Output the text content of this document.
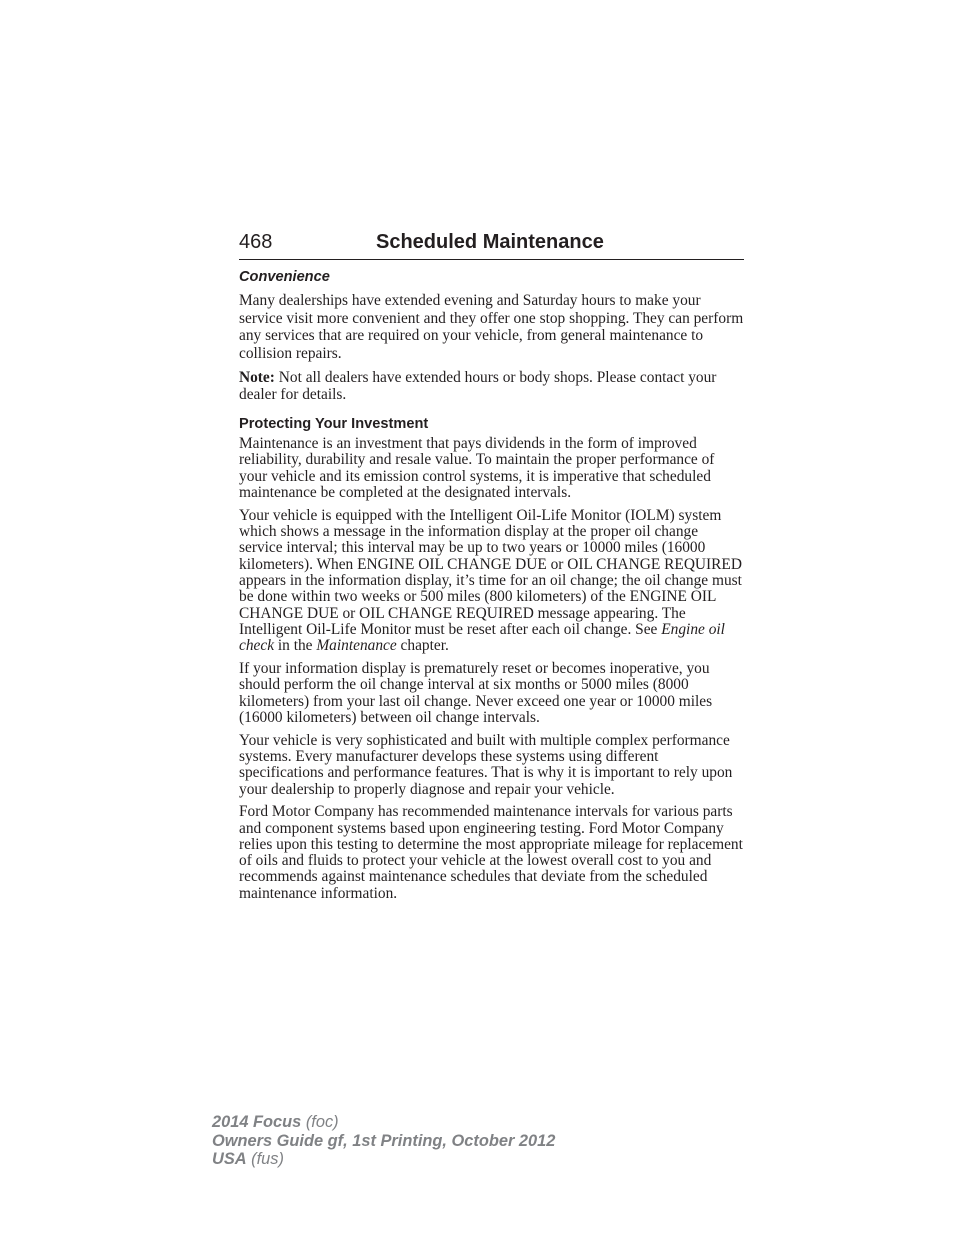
468	Scheduled Maintenance
Convenience

Many dealerships have extended evening and Saturday hours to make your service visit more convenient and they offer one stop shopping. They can perform any services that are required on your vehicle, from general maintenance to collision repairs.

Note: Not all dealers have extended hours or body shops. Please contact your dealer for details.

Protecting Your Investment

Maintenance is an investment that pays dividends in the form of improved reliability, durability and resale value. To maintain the proper performance of your vehicle and its emission control systems, it is imperative that scheduled maintenance be completed at the designated intervals.

Your vehicle is equipped with the Intelligent Oil-Life Monitor (IOLM) system which shows a message in the information display at the proper oil change service interval; this interval may be up to two years or 10000 miles (16000 kilometers). When ENGINE OIL CHANGE DUE or OIL CHANGE REQUIRED appears in the information display, it’s time for an oil change; the oil change must be done within two weeks or 500 miles (800 kilometers) of the ENGINE OIL CHANGE DUE or OIL CHANGE REQUIRED message appearing. The Intelligent Oil-Life Monitor must be reset after each oil change. See Engine oil check in the Maintenance chapter.

If your information display is prematurely reset or becomes inoperative, you should perform the oil change interval at six months or 5000 miles (8000 kilometers) from your last oil change. Never exceed one year or 10000 miles (16000 kilometers) between oil change intervals.

Your vehicle is very sophisticated and built with multiple complex performance systems. Every manufacturer develops these systems using different specifications and performance features. That is why it is important to rely upon your dealership to properly diagnose and repair your vehicle.

Ford Motor Company has recommended maintenance intervals for various parts and component systems based upon engineering testing. Ford Motor Company relies upon this testing to determine the most appropriate mileage for replacement of oils and fluids to protect your vehicle at the lowest overall cost to you and recommends against maintenance schedules that deviate from the scheduled maintenance information.

2014 Focus (foc)
Owners Guide gf, 1st Printing, October 2012
USA (fus)
